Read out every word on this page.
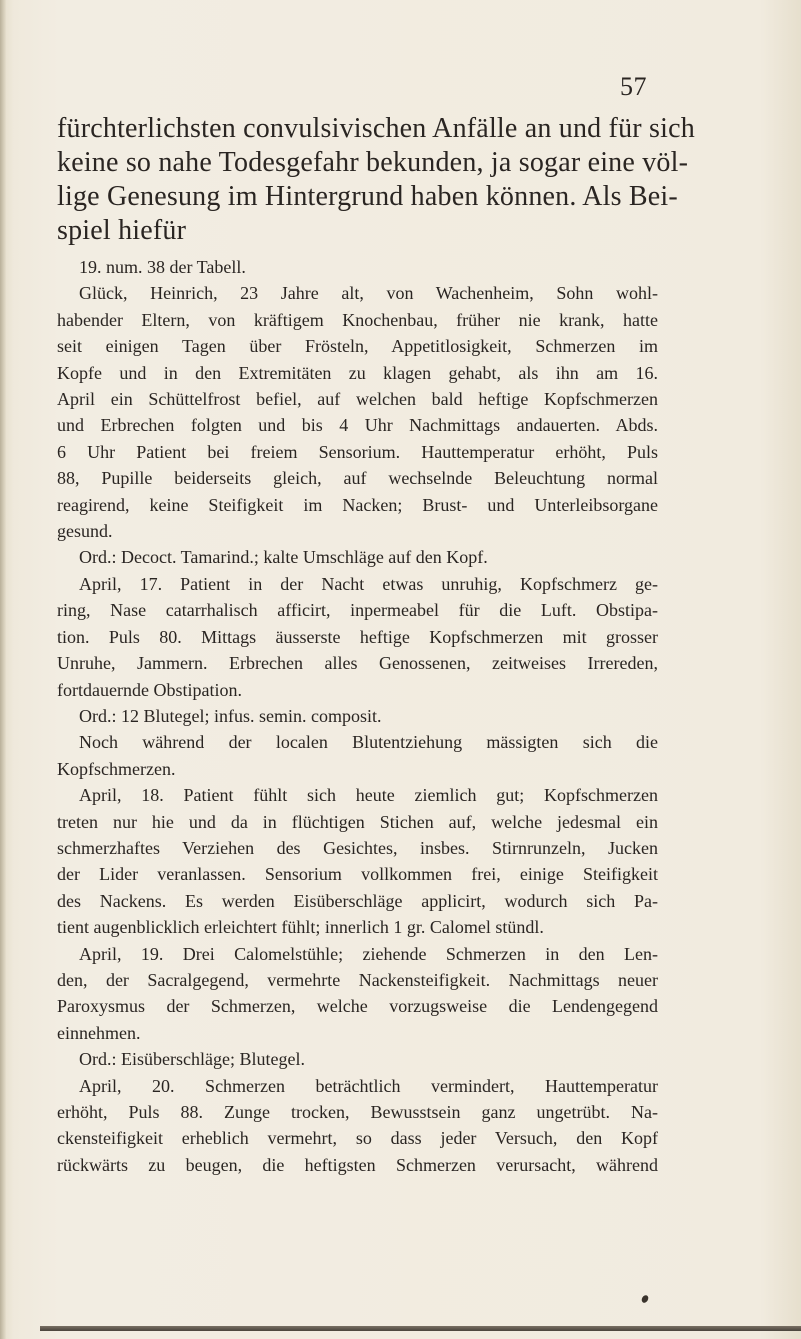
57

fürchterlichsten convulsivischen Anfälle an und für sich

keine so nahe Todesgefahr bekunden, ja sogar eine völ-

lige Genesung im Hintergrund haben können. Als Bei-

spiel hiefür

19. num. 38 der Tabell.
Glück, Heinrich, 23 Jahre alt, von Wachenheim, Sohn wohl-
habender Eltern, von kräftigem Knochenbau, früher nie krank, hatte
seit einigen Tagen über Frösteln, Appetitlosigkeit, Schmerzen im
Kopfe und in den Extremitäten zu klagen gehabt, als ihn am 16.
April ein Schüttelfrost befiel, auf welchen bald heftige Kopfschmerzen
und Erbrechen folgten und bis 4 Uhr Nachmittags andauerten. Abds.
6 Uhr Patient bei freiem Sensorium. Hauttemperatur erhöht, Puls
88, Pupille beiderseits gleich, auf wechselnde Beleuchtung normal
reagirend, keine Steifigkeit im Nacken; Brust- und Unterleibsorgane
gesund.
Ord.: Decoct. Tamarind.; kalte Umschläge auf den Kopf.
April, 17. Patient in der Nacht etwas unruhig, Kopfschmerz ge-
ring, Nase catarrhalisch afficirt, inpermeabel für die Luft. Obstipa-
tion. Puls 80. Mittags äusserste heftige Kopfschmerzen mit grosser
Unruhe, Jammern. Erbrechen alles Genossenen, zeitweises Irrereden,
fortdauernde Obstipation.
Ord.: 12 Blutegel; infus. semin. composit.
Noch während der localen Blutentziehung mässigten sich die
Kopfschmerzen.
April, 18. Patient fühlt sich heute ziemlich gut; Kopfschmerzen
treten nur hie und da in flüchtigen Stichen auf, welche jedesmal ein
schmerzhaftes Verziehen des Gesichtes, insbes. Stirnrunzeln, Jucken
der Lider veranlassen. Sensorium vollkommen frei, einige Steifigkeit
des Nackens. Es werden Eisüberschläge applicirt, wodurch sich Pa-
tient augenblicklich erleichtert fühlt; innerlich 1 gr. Calomel stündl.
April, 19. Drei Calomelstühle; ziehende Schmerzen in den Len-
den, der Sacralgegend, vermehrte Nackensteifigkeit. Nachmittags neuer
Paroxysmus der Schmerzen, welche vorzugsweise die Lendengegend
einnehmen.
Ord.: Eisüberschläge; Blutegel.
April, 20. Schmerzen beträchtlich vermindert, Hauttemperatur
erhöht, Puls 88. Zunge trocken, Bewusstsein ganz ungetrübt. Na-
ckensteifigkeit erheblich vermehrt, so dass jeder Versuch, den Kopf
rückwärts zu beugen, die heftigsten Schmerzen verursacht, während
